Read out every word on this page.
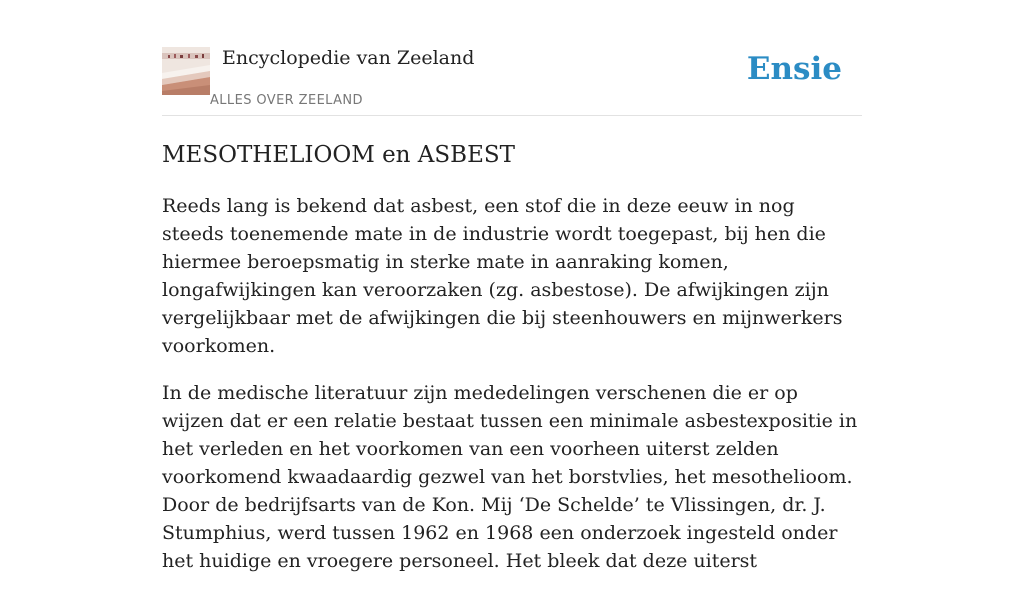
Encyclopedie van Zeeland
ALLES OVER ZEELAND
Ensie
MESOTHELIOOM en ASBEST

Reeds lang is bekend dat asbest, een stof die in deze eeuw in nog steeds toenemende mate in de industrie wordt toegepast, bij hen die hiermee beroepsmatig in sterke mate in aanraking komen, longafwijkingen kan veroorzaken (zg. asbestose). De afwijkingen zijn vergelijkbaar met de afwijkingen die bij steenhouwers en mijnwerkers voorkomen.

In de medische literatuur zijn mededelingen verschenen die er op wijzen dat er een relatie bestaat tussen een minimale asbestexpositie in het verleden en het voorkomen van een voorheen uiterst zelden voorkomend kwaadaardig gezwel van het borstvlies, het mesothelioom. Door de bedrijfsarts van de Kon. Mij ‘De Schelde’ te Vlissingen, dr. J. Stumphius, werd tussen 1962 en 1968 een onderzoek ingesteld onder het huidige en vroegere personeel. Het bleek dat deze uiterst
